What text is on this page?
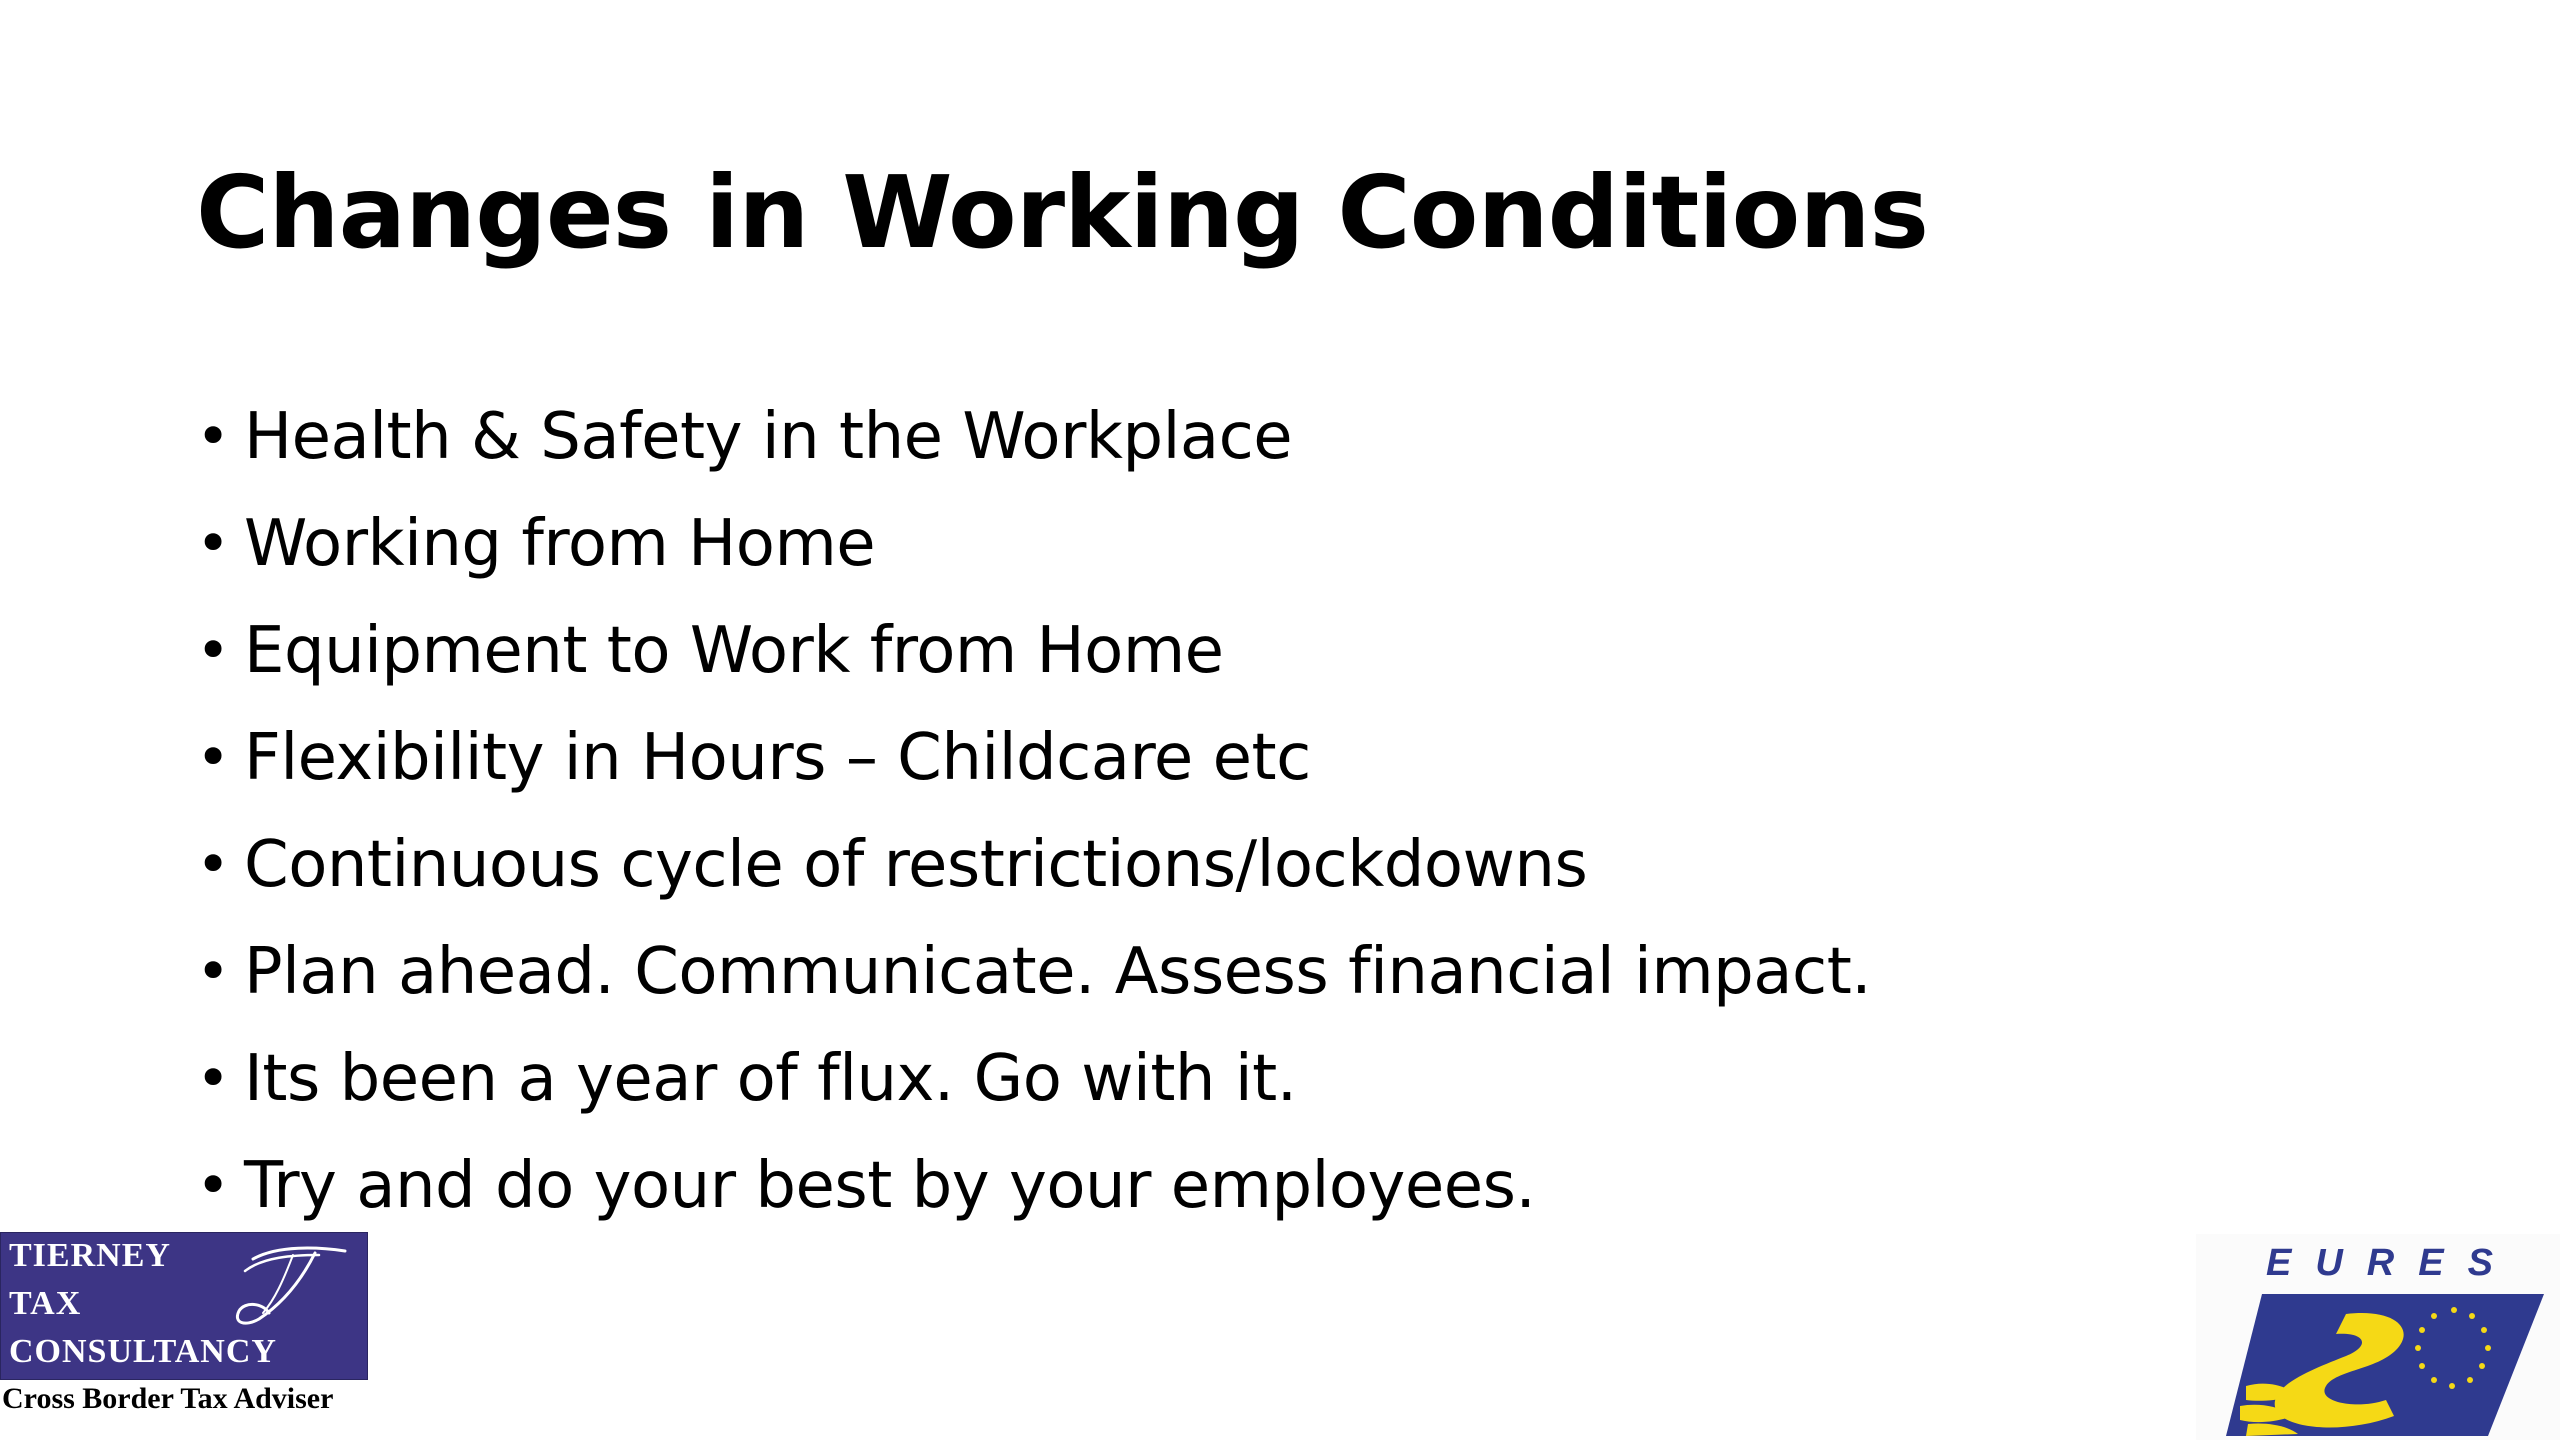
Changes in Working Conditions
• Health & Safety in the Workplace
• Working from Home
• Equipment to Work from Home
• Flexibility in Hours – Childcare etc
• Continuous cycle of restrictions/lockdowns
• Plan ahead. Communicate. Assess financial impact.
• Its been a year of flux. Go with it.
• Try and do your best by your employees.
TIERNEY
TAX
CONSULTANCY
Cross Border Tax Adviser
EURES
